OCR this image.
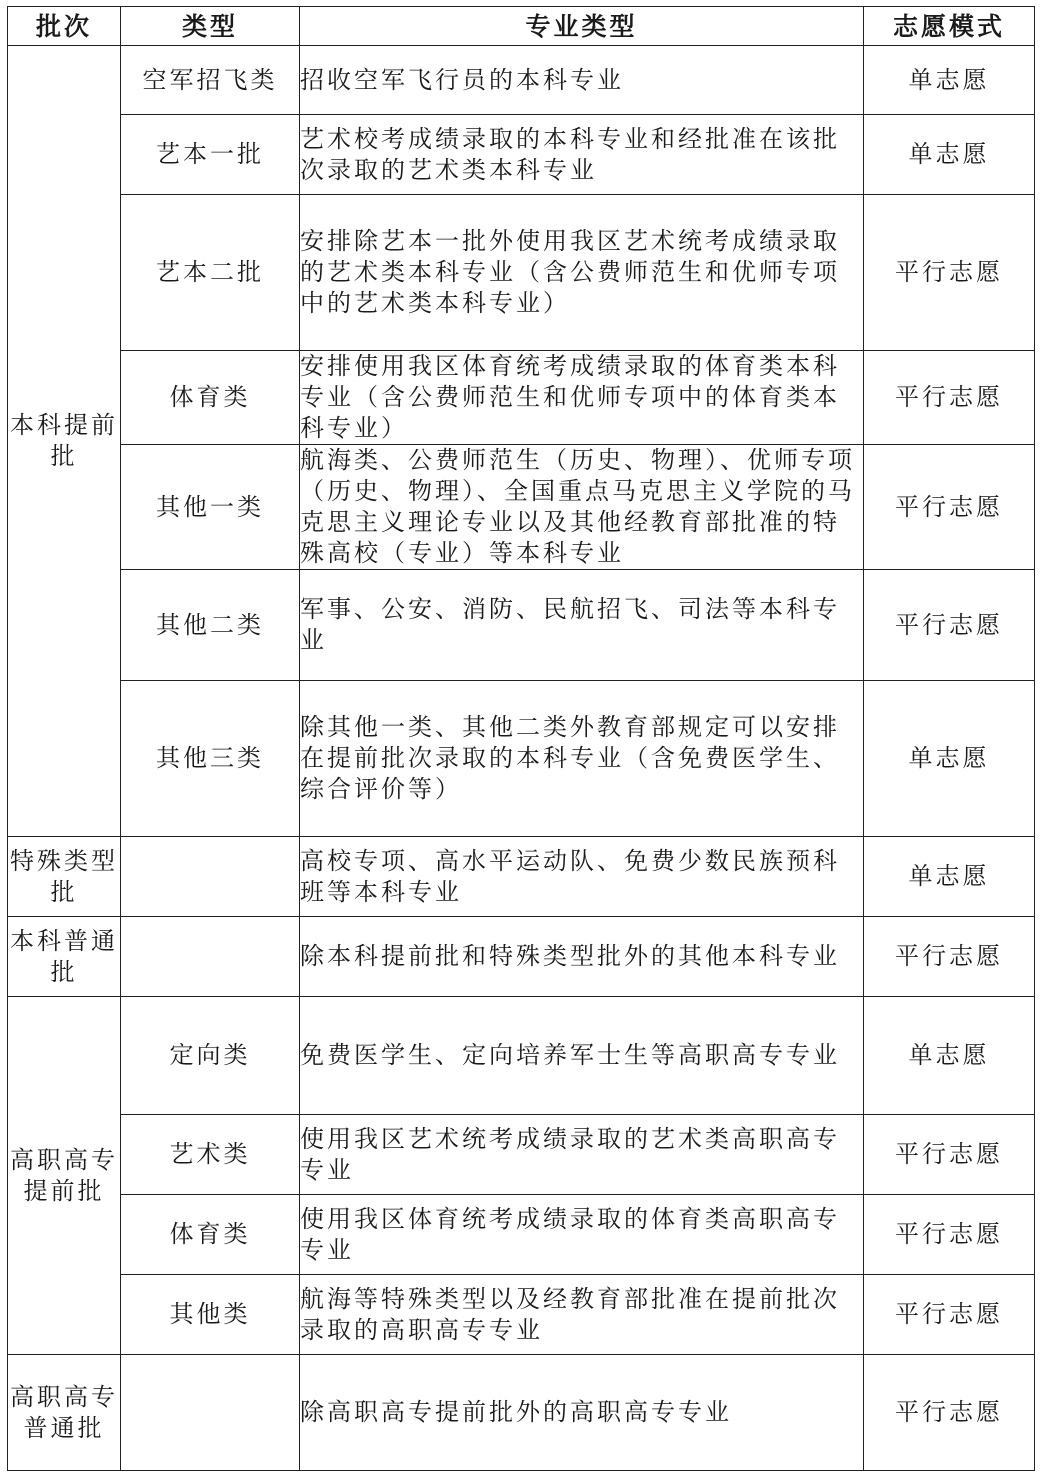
批次	类型	专业类型	志愿模式
本科提前批	空军招飞类	招收空军飞行员的本科专业	单志愿
	艺本一批	艺术校考成绩录取的本科专业和经批准在该批次录取的艺术类本科专业	单志愿
	艺本二批	安排除艺本一批外使用我区艺术统考成绩录取的艺术类本科专业（含公费师范生和优师专项中的艺术类本科专业）	平行志愿
	体育类	安排使用我区体育统考成绩录取的体育类本科专业（含公费师范生和优师专项中的体育类本科专业）	平行志愿
	其他一类	航海类、公费师范生（历史、物理）、优师专项（历史、物理）、全国重点马克思主义学院的马克思主义理论专业以及其他经教育部批准的特殊高校（专业）等本科专业	平行志愿
	其他二类	军事、公安、消防、民航招飞、司法等本科专业	平行志愿
	其他三类	除其他一类、其他二类外教育部规定可以安排在提前批次录取的本科专业（含免费医学生、综合评价等）	单志愿
特殊类型批		高校专项、高水平运动队、免费少数民族预科班等本科专业	单志愿
本科普通批		除本科提前批和特殊类型批外的其他本科专业	平行志愿
高职高专提前批	定向类	免费医学生、定向培养军士生等高职高专专业	单志愿
	艺术类	使用我区艺术统考成绩录取的艺术类高职高专专业	平行志愿
	体育类	使用我区体育统考成绩录取的体育类高职高专专业	平行志愿
	其他类	航海等特殊类型以及经教育部批准在提前批次录取的高职高专专业	平行志愿
高职高专普通批		除高职高专提前批外的高职高专专业	平行志愿
